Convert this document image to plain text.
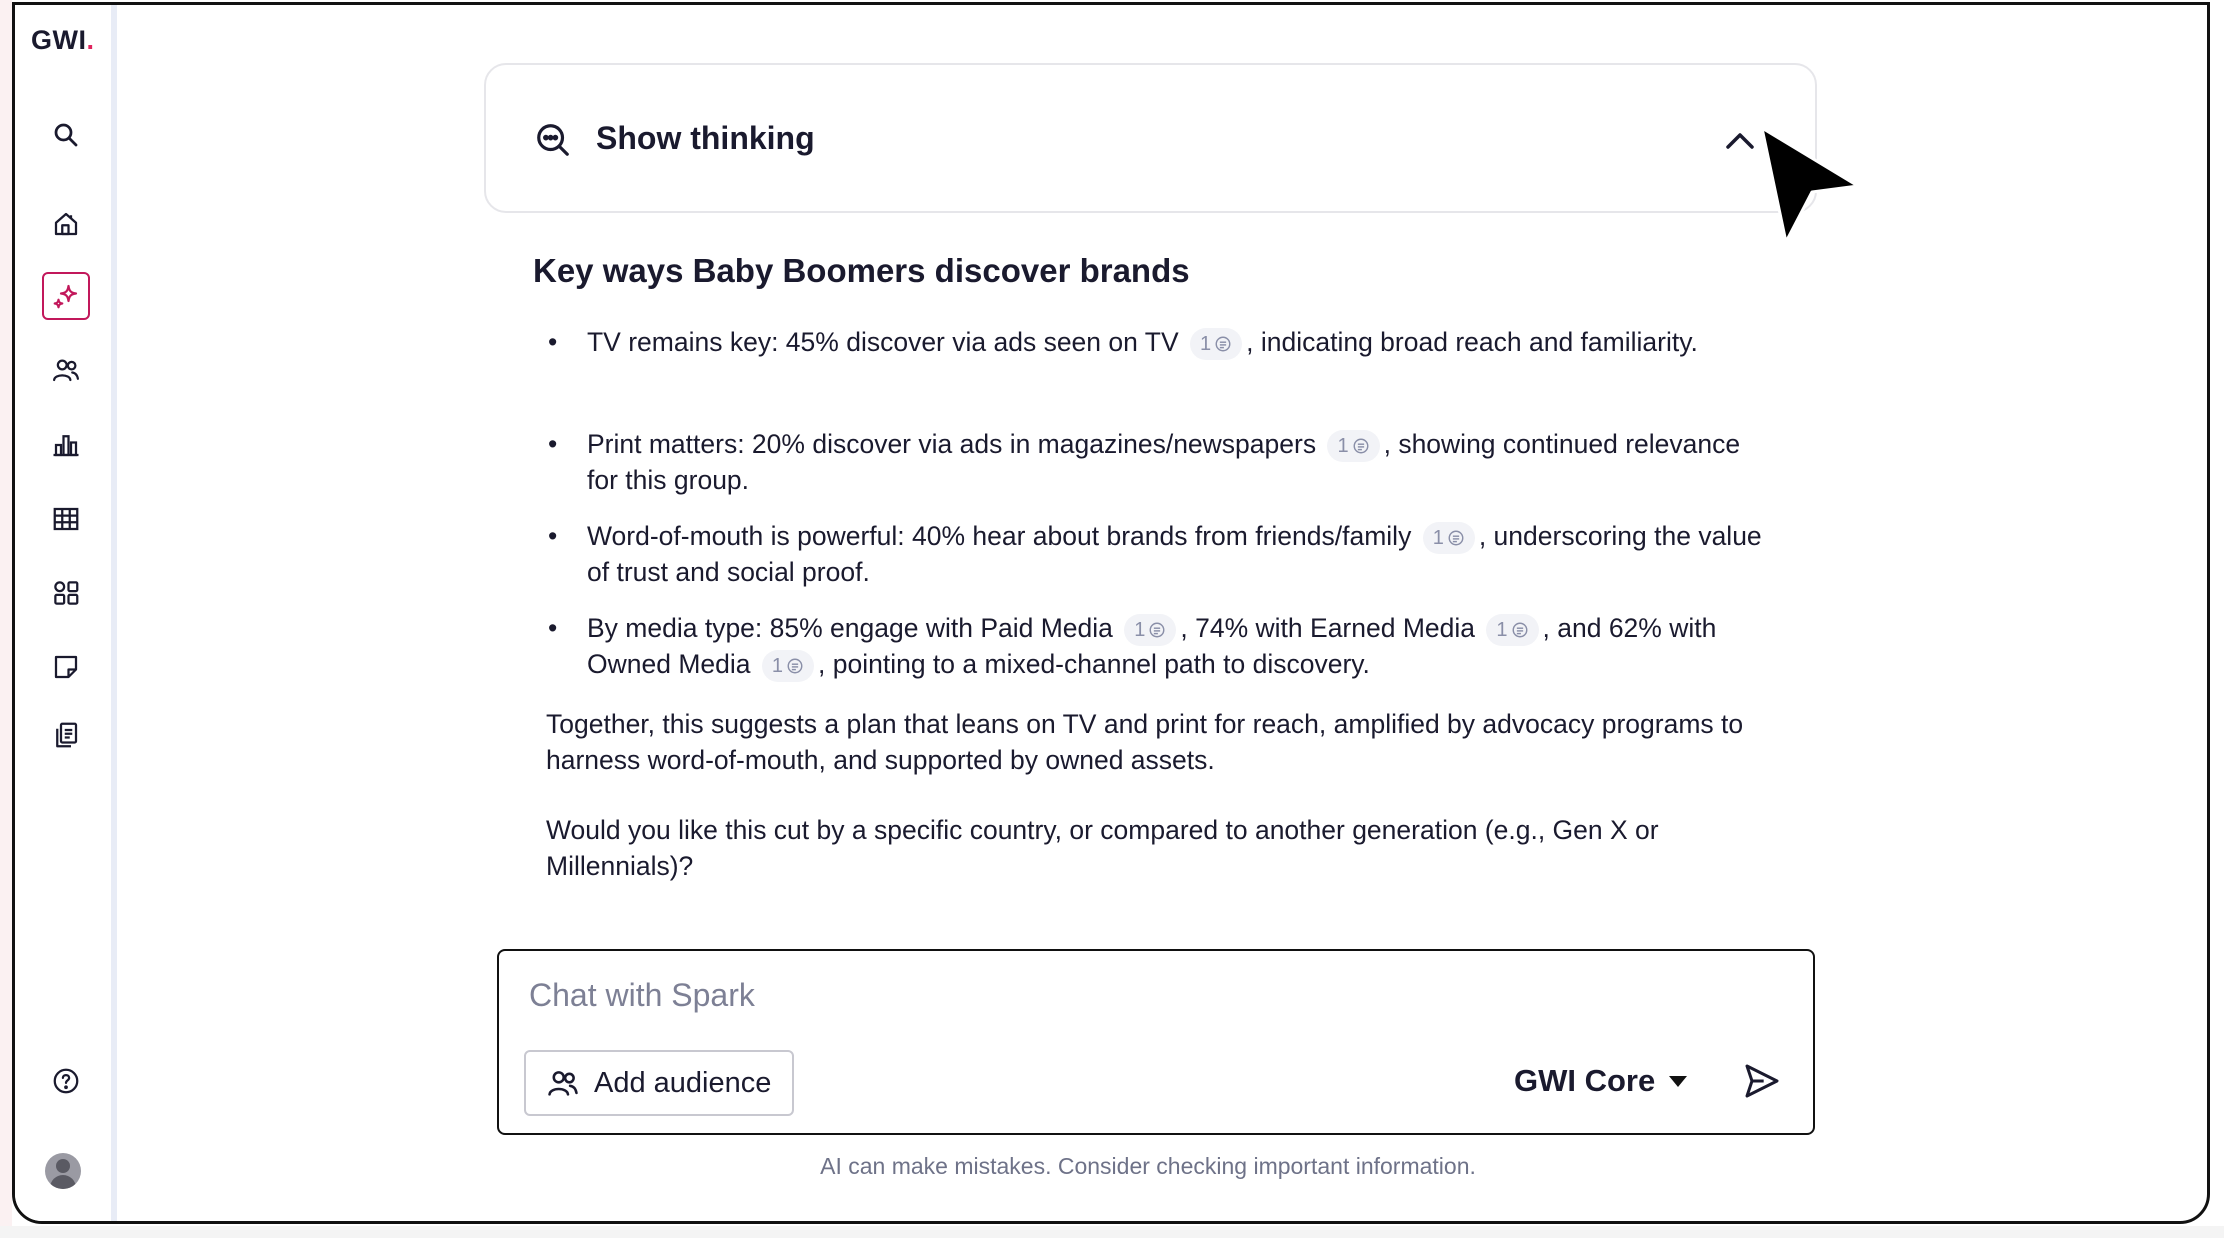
GWI.
Show thinking
Key ways Baby Boomers discover brands
• TV remains key: 45% discover via ads seen on TV 1 , indicating broad reach and familiarity.
• Print matters: 20% discover via ads in magazines/newspapers 1 , showing continued relevance for this group.
• Word-of-mouth is powerful: 40% hear about brands from friends/family 1 , underscoring the value of trust and social proof.
• By media type: 85% engage with Paid Media 1 , 74% with Earned Media 1 , and 62% with Owned Media 1 , pointing to a mixed-channel path to discovery.
Together, this suggests a plan that leans on TV and print for reach, amplified by advocacy programs to harness word-of-mouth, and supported by owned assets.
Would you like this cut by a specific country, or compared to another generation (e.g., Gen X or Millennials)?
Chat with Spark
Add audience	GWI Core
AI can make mistakes. Consider checking important information.
